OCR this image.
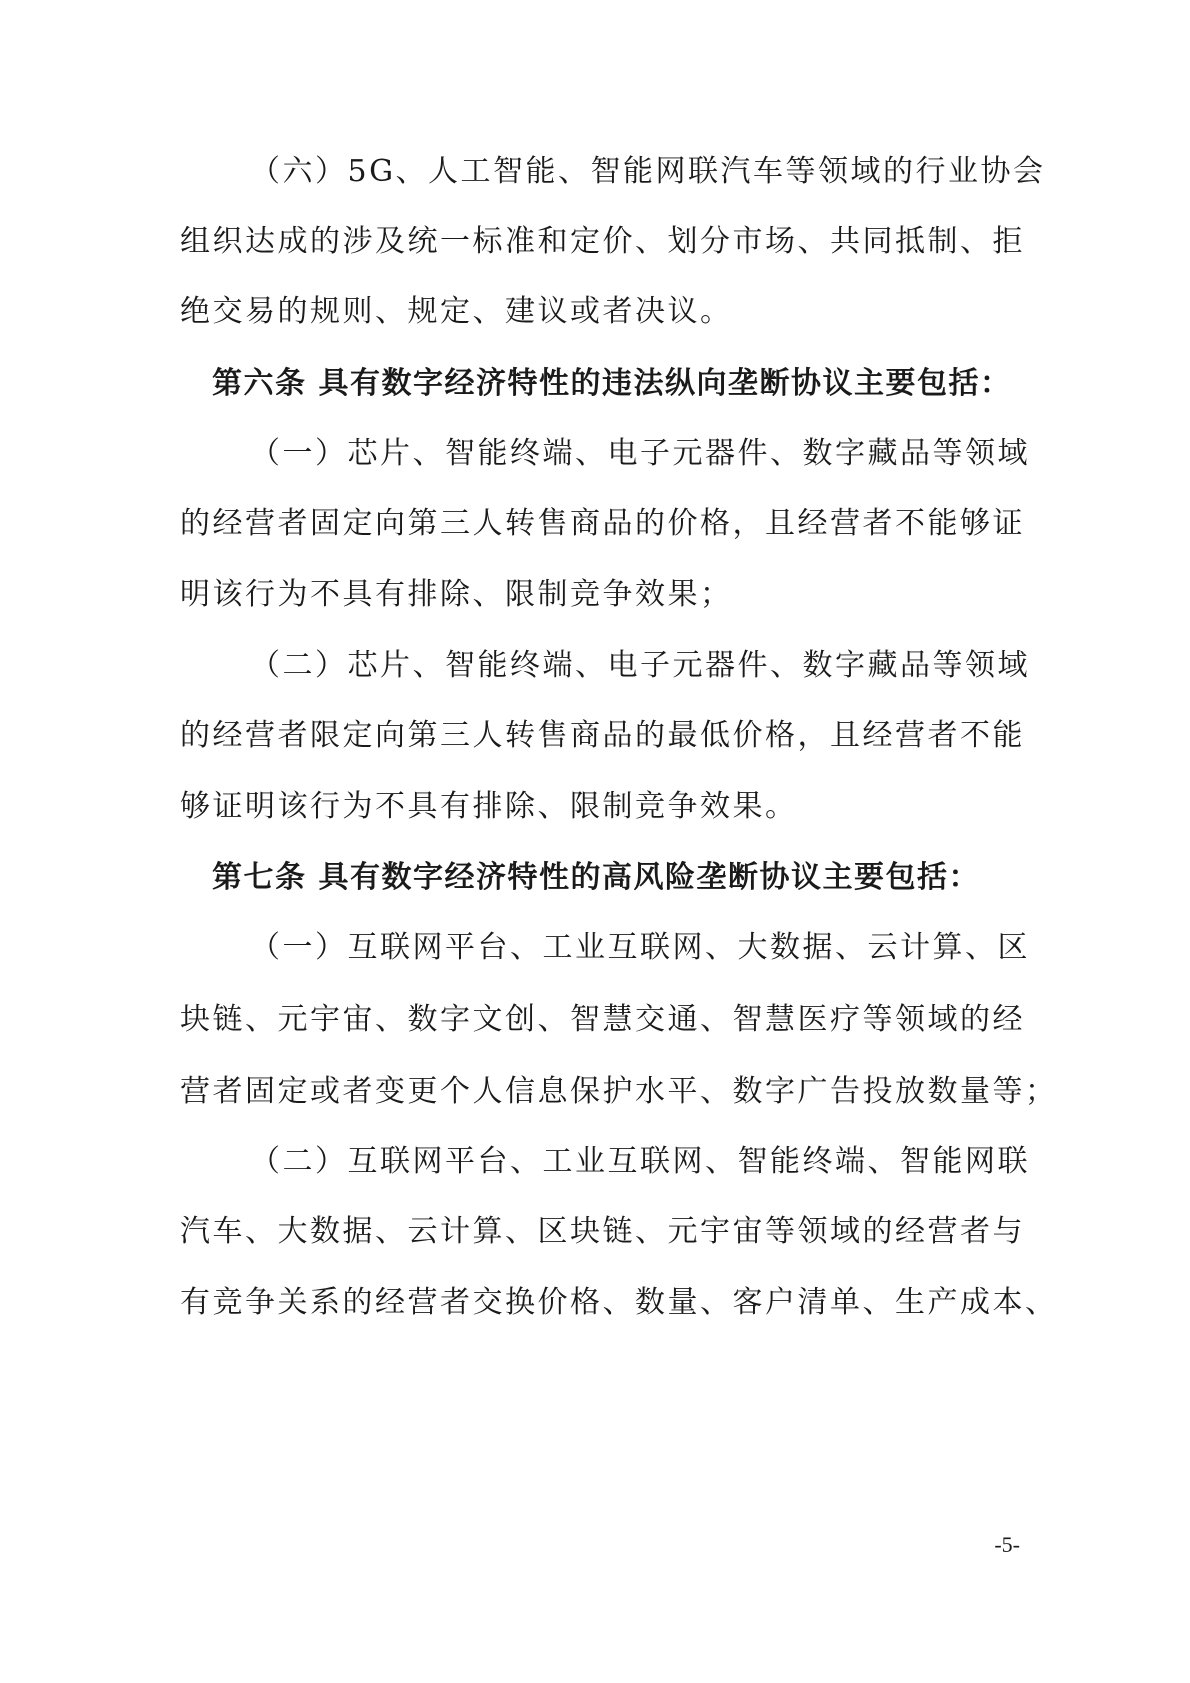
（六）5G、人工智能、智能网联汽车等领域的行业协会
组织达成的涉及统一标准和定价、划分市场、共同抵制、拒
绝交易的规则、规定、建议或者决议。
第六条 具有数字经济特性的违法纵向垄断协议主要包括：
（一）芯片、智能终端、电子元器件、数字藏品等领域
的经营者固定向第三人转售商品的价格，且经营者不能够证
明该行为不具有排除、限制竞争效果；
（二）芯片、智能终端、电子元器件、数字藏品等领域
的经营者限定向第三人转售商品的最低价格，且经营者不能
够证明该行为不具有排除、限制竞争效果。
第七条 具有数字经济特性的高风险垄断协议主要包括：
（一）互联网平台、工业互联网、大数据、云计算、区
块链、元宇宙、数字文创、智慧交通、智慧医疗等领域的经
营者固定或者变更个人信息保护水平、数字广告投放数量等；
（二）互联网平台、工业互联网、智能终端、智能网联
汽车、大数据、云计算、区块链、元宇宙等领域的经营者与
有竞争关系的经营者交换价格、数量、客户清单、生产成本、
-5-
